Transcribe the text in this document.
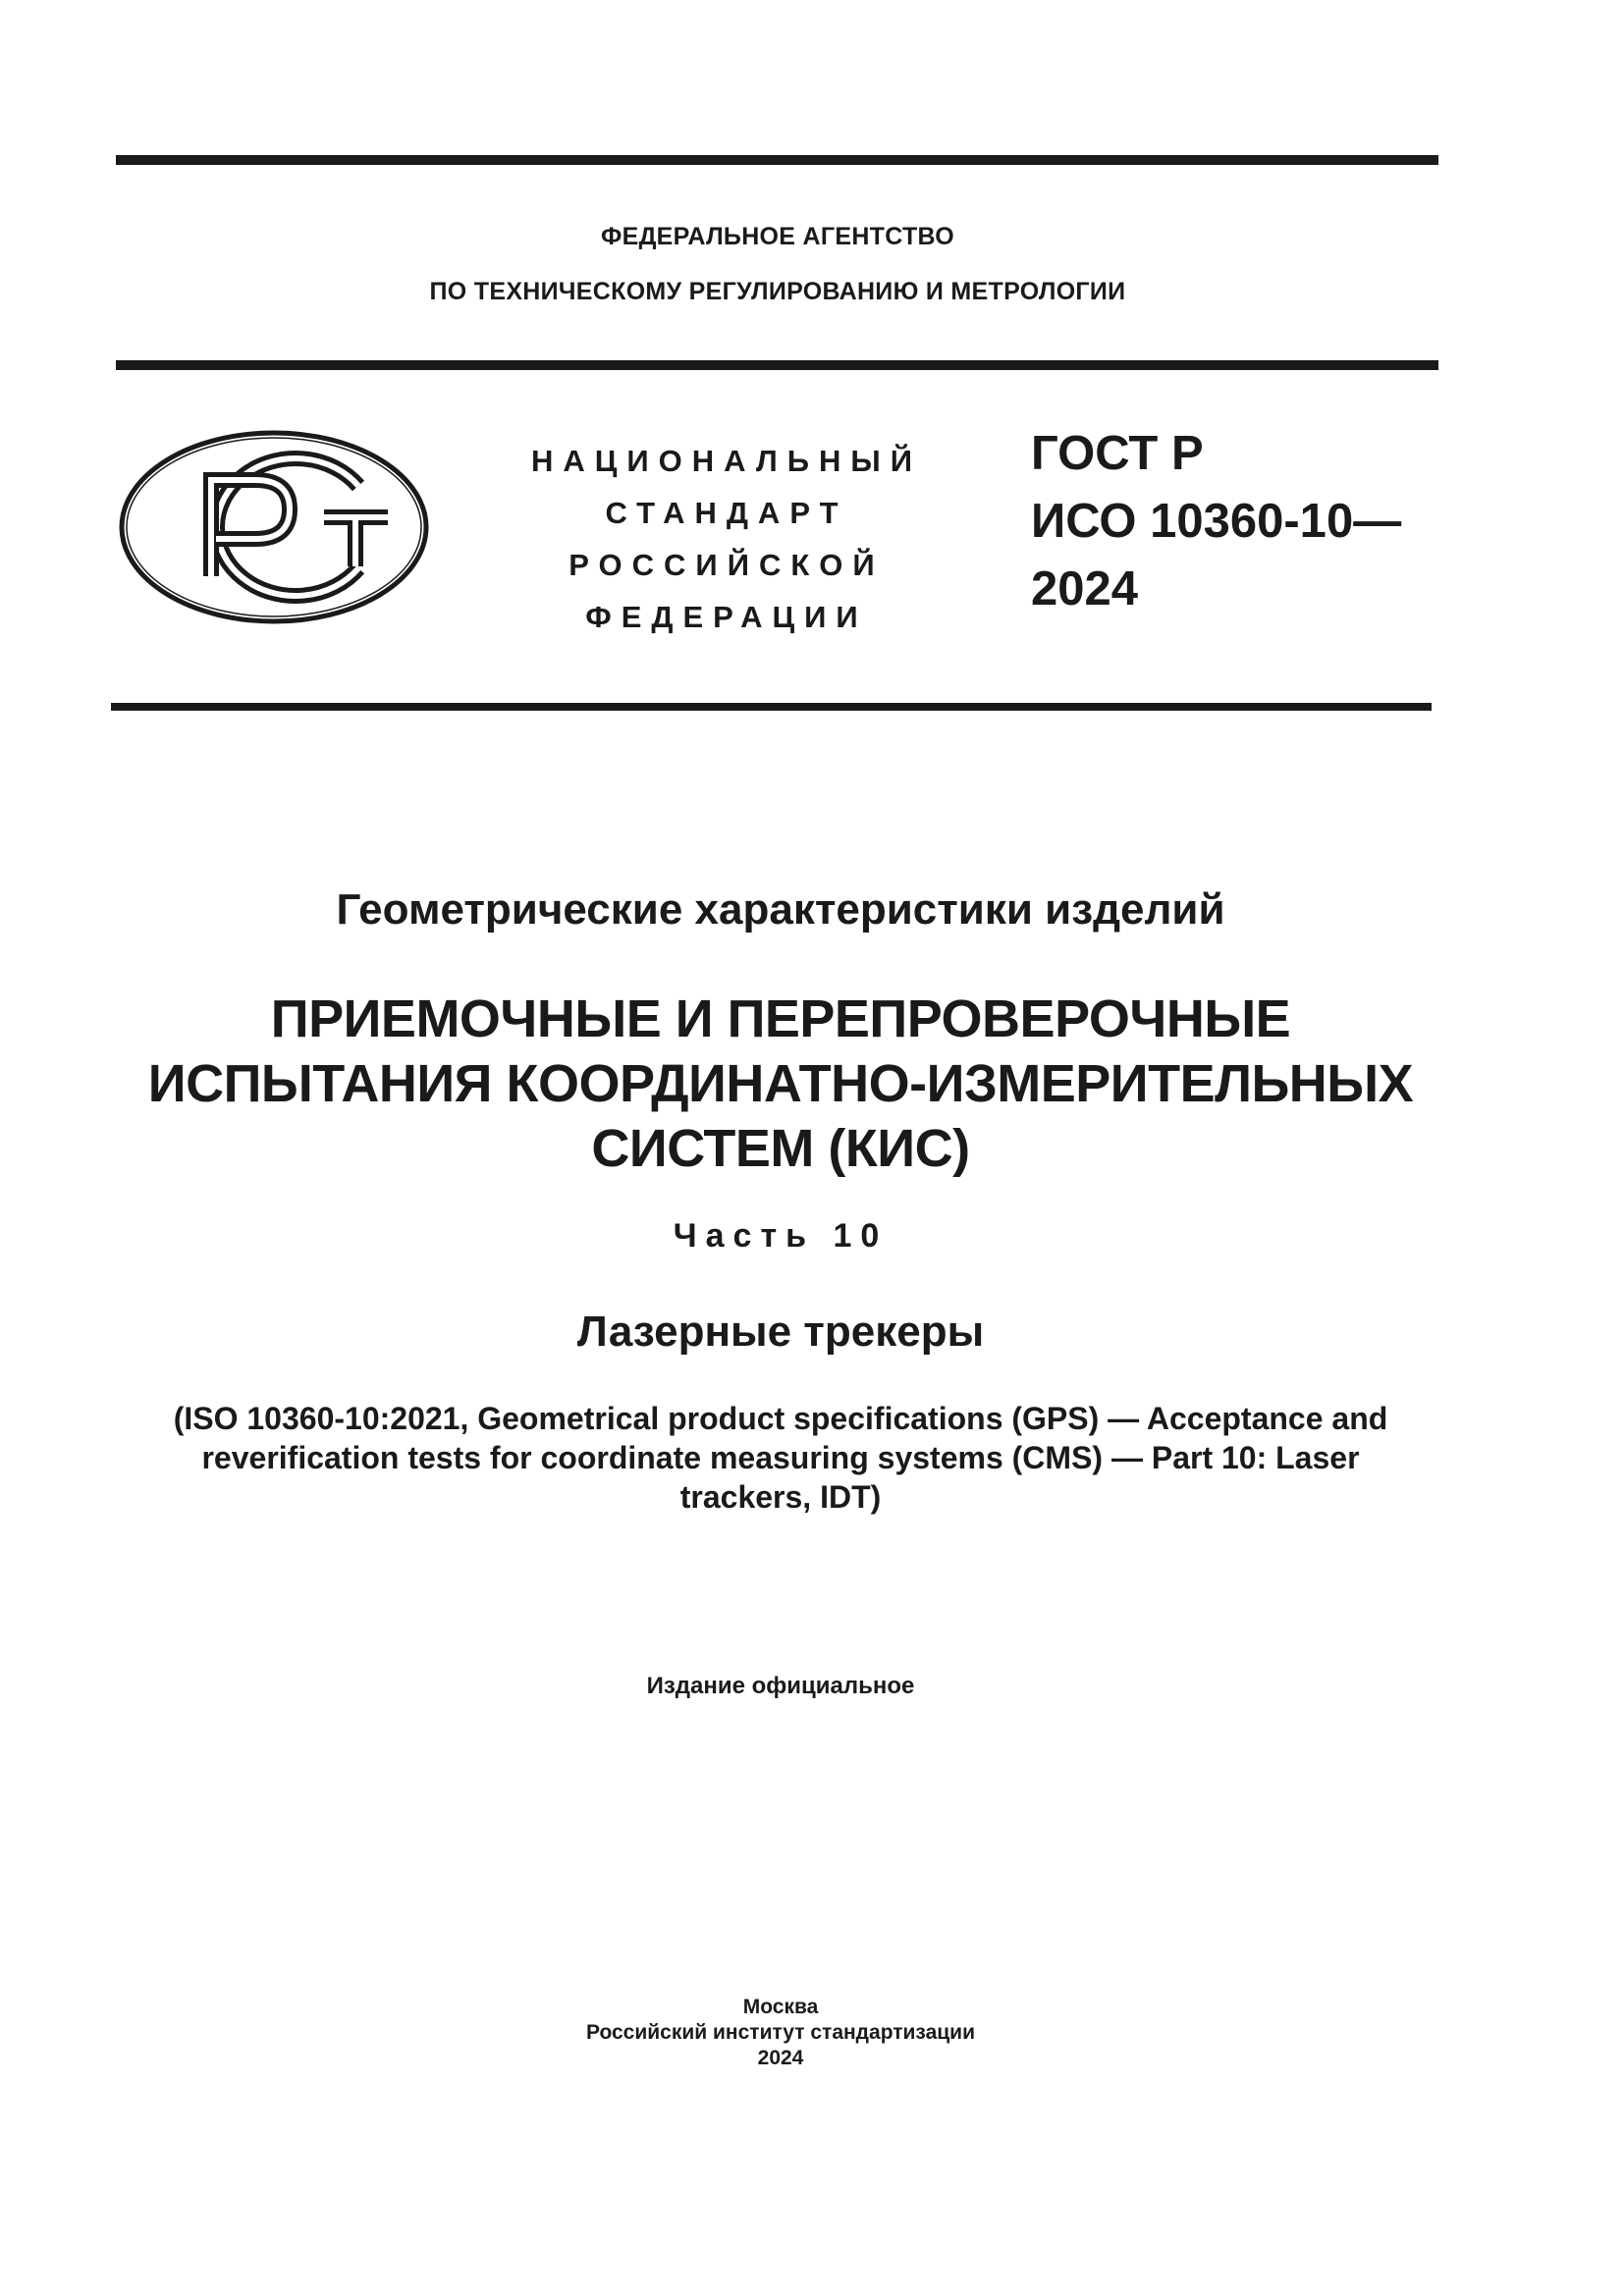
ФЕДЕРАЛЬНОЕ АГЕНТСТВО
ПО ТЕХНИЧЕСКОМУ РЕГУЛИРОВАНИЮ И МЕТРОЛОГИИ
НАЦИОНАЛЬНЫЙ
СТАНДАРТ
РОССИЙСКОЙ
ФЕДЕРАЦИИ
ГОСТ Р
ИСО 10360-10—
2024
Геометрические характеристики изделий
ПРИЕМОЧНЫЕ И ПЕРЕПРОВЕРОЧНЫЕ
ИСПЫТАНИЯ КООРДИНАТНО-ИЗМЕРИТЕЛЬНЫХ
СИСТЕМ (КИС)
Часть 10
Лазерные трекеры
(ISO 10360-10:2021, Geometrical product specifications (GPS) — Acceptance and
reverification tests for coordinate measuring systems (CMS) — Part 10: Laser
trackers, IDT)
Издание официальное
Москва
Российский институт стандартизации
2024
